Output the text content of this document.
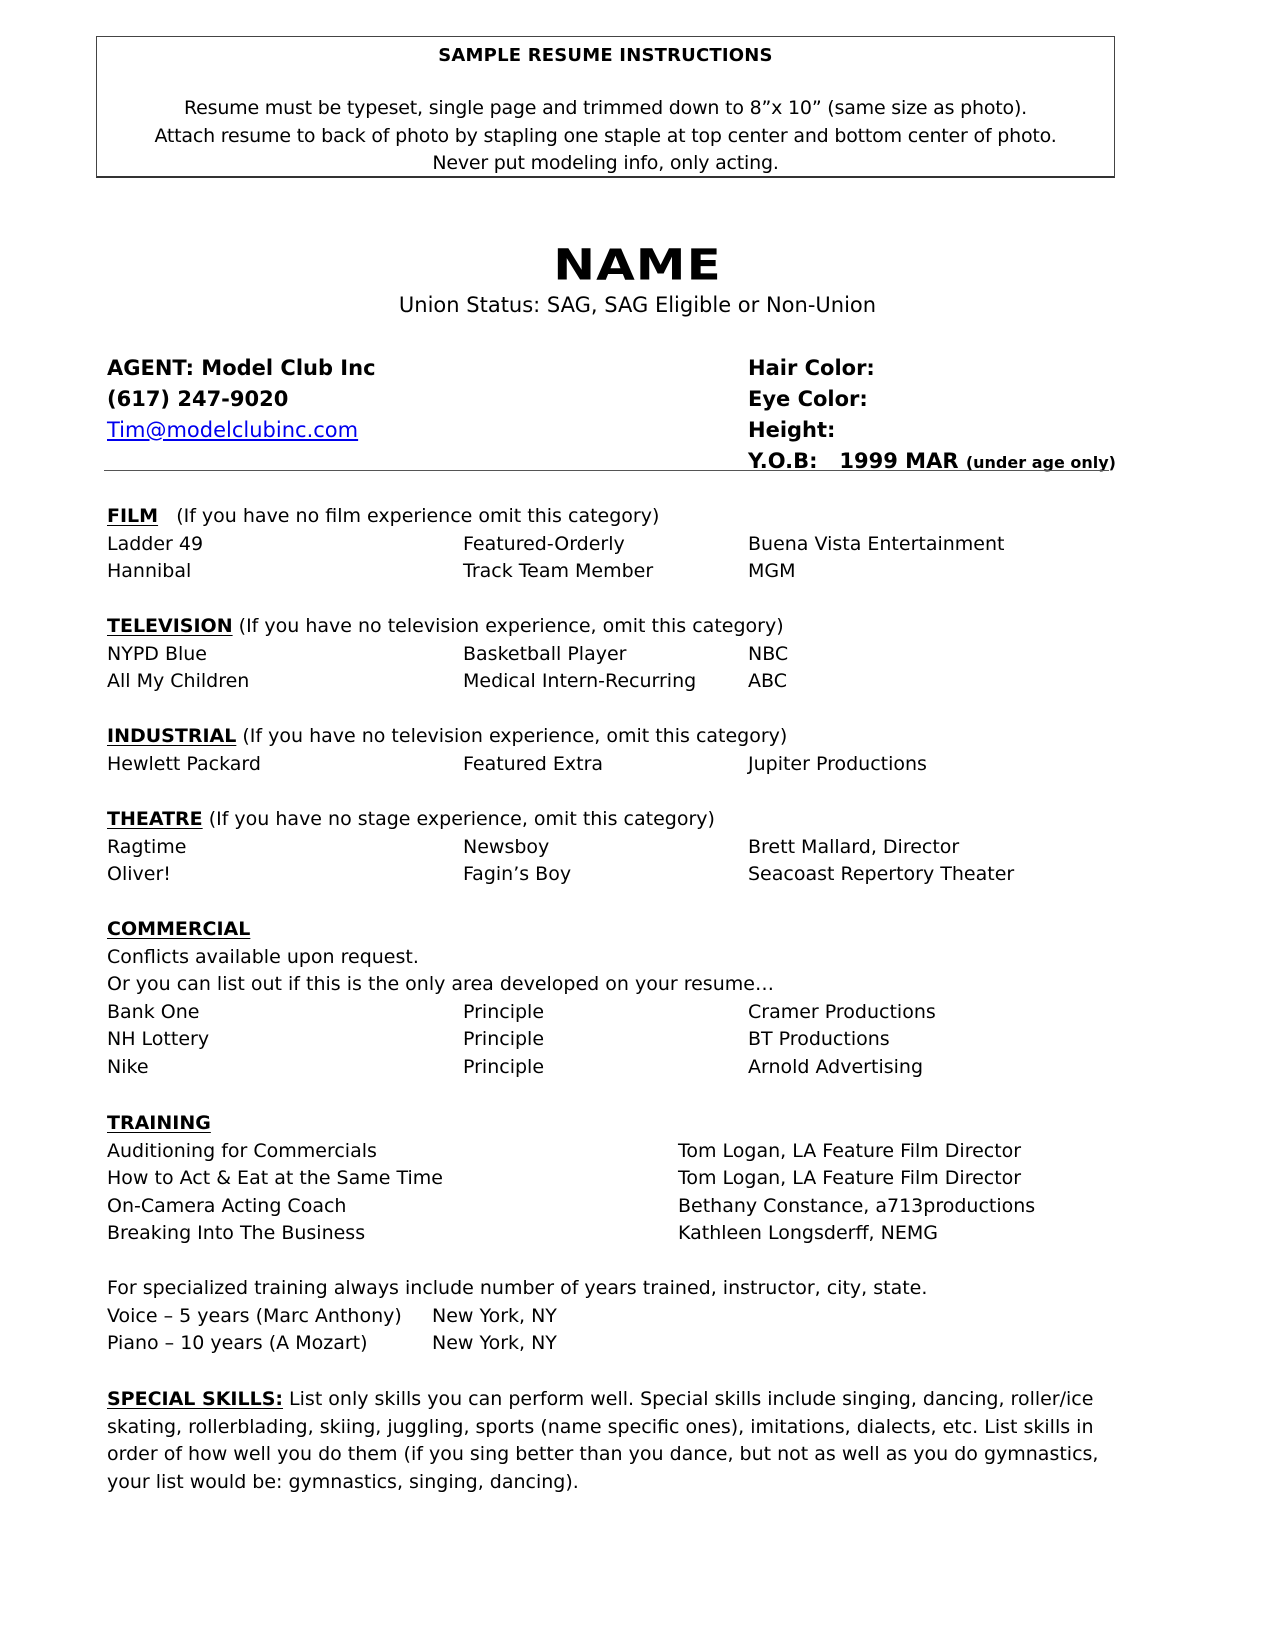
SAMPLE RESUME INSTRUCTIONS
Resume must be typeset, single page and trimmed down to 8”x 10” (same size as photo).
Attach resume to back of photo by stapling one staple at top center and bottom center of photo.
Never put modeling info, only acting.
NAME
Union Status: SAG, SAG Eligible or Non-Union
AGENT: Model Club Inc
(617) 247-9020
Tim@modelclubinc.com
Hair Color:
Eye Color:
Height:
Y.O.B: 1999 MAR (under age only)
FILM (If you have no film experience omit this category)
Ladder 49	Featured-Orderly	Buena Vista Entertainment
Hannibal	Track Team Member	MGM
TELEVISION (If you have no television experience, omit this category)
NYPD Blue	Basketball Player	NBC
All My Children	Medical Intern-Recurring	ABC
INDUSTRIAL (If you have no television experience, omit this category)
Hewlett Packard	Featured Extra	Jupiter Productions
THEATRE (If you have no stage experience, omit this category)
Ragtime	Newsboy	Brett Mallard, Director
Oliver!	Fagin’s Boy	Seacoast Repertory Theater
COMMERCIAL
Conflicts available upon request.
Or you can list out if this is the only area developed on your resume…
Bank One	Principle	Cramer Productions
NH Lottery	Principle	BT Productions
Nike	Principle	Arnold Advertising
TRAINING
Auditioning for Commercials	Tom Logan, LA Feature Film Director
How to Act & Eat at the Same Time	Tom Logan, LA Feature Film Director
On-Camera Acting Coach	Bethany Constance, a713productions
Breaking Into The Business	Kathleen Longsderff, NEMG
For specialized training always include number of years trained, instructor, city, state.
Voice – 5 years (Marc Anthony) New York, NY
Piano – 10 years (A Mozart)	New York, NY
SPECIAL SKILLS: List only skills you can perform well. Special skills include singing, dancing, roller/ice skating, rollerblading, skiing, juggling, sports (name specific ones), imitations, dialects, etc. List skills in order of how well you do them (if you sing better than you dance, but not as well as you do gymnastics, your list would be: gymnastics, singing, dancing).
